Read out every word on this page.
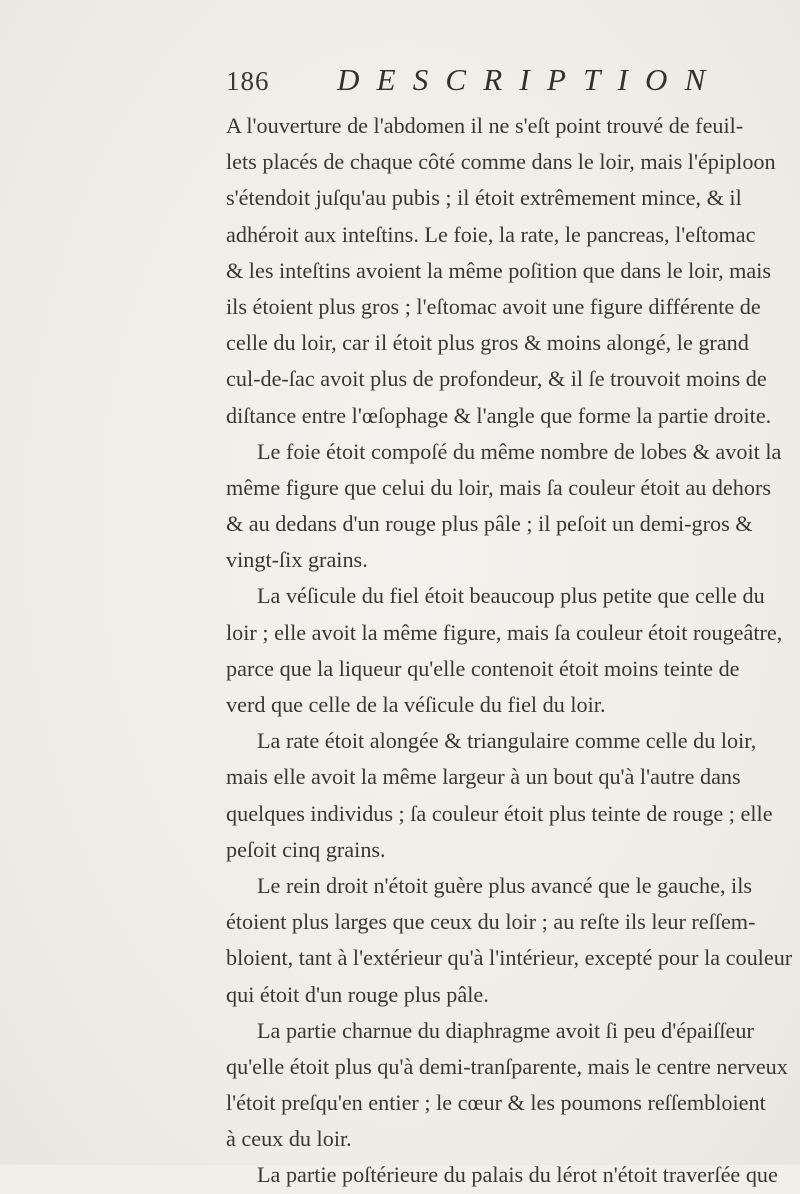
186 DESCRIPTION
A l'ouverture de l'abdomen il ne s'eſt point trouvé de feuil-
lets placés de chaque côté comme dans le loir, mais l'épiploon
s'étendoit juſqu'au pubis ; il étoit extrêmement mince, & il
adhéroit aux inteſtins. Le foie, la rate, le pancreas, l'eſtomac
& les inteſtins avoient la même poſition que dans le loir, mais
ils étoient plus gros ; l'eſtomac avoit une figure différente de
celle du loir, car il étoit plus gros & moins alongé, le grand
cul-de-ſac avoit plus de profondeur, & il ſe trouvoit moins de
diſtance entre l'œſophage & l'angle que forme la partie droite.
Le foie étoit compoſé du même nombre de lobes & avoit la
même figure que celui du loir, mais ſa couleur étoit au dehors
& au dedans d'un rouge plus pâle ; il peſoit un demi-gros &
vingt-ſix grains.
La véſicule du fiel étoit beaucoup plus petite que celle du
loir ; elle avoit la même figure, mais ſa couleur étoit rougeâtre,
parce que la liqueur qu'elle contenoit étoit moins teinte de
verd que celle de la véſicule du fiel du loir.
La rate étoit alongée & triangulaire comme celle du loir,
mais elle avoit la même largeur à un bout qu'à l'autre dans
quelques individus ; ſa couleur étoit plus teinte de rouge ; elle
peſoit cinq grains.
Le rein droit n'étoit guère plus avancé que le gauche, ils
étoient plus larges que ceux du loir ; au reſte ils leur reſſem-
bloient, tant à l'extérieur qu'à l'intérieur, excepté pour la couleur
qui étoit d'un rouge plus pâle.
La partie charnue du diaphragme avoit ſi peu d'épaiſſeur
qu'elle étoit plus qu'à demi-tranſparente, mais le centre nerveux
l'étoit preſqu'en entier ; le cœur & les poumons reſſembloient
à ceux du loir.
La partie poſtérieure du palais du lérot n'étoit traverſée que
